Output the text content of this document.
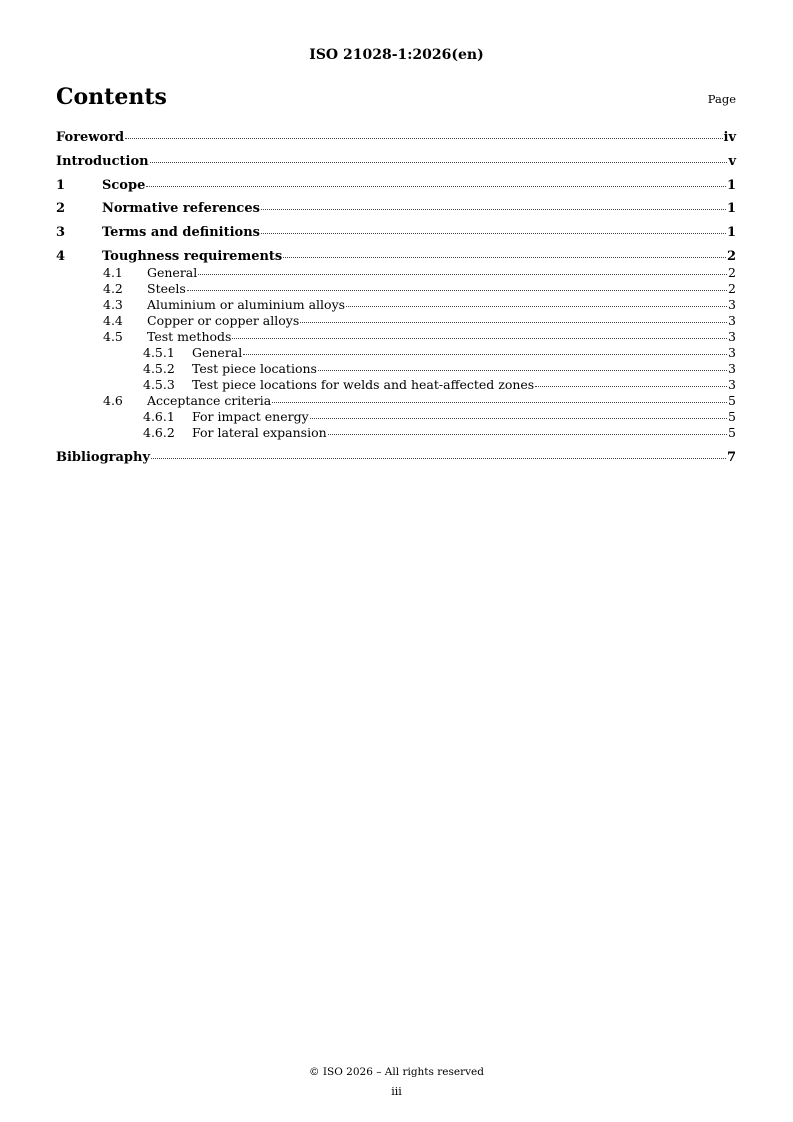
ISO 21028-1:2026(en)
Contents	Page
Foreword	iv
Introduction	v
1	Scope	1
2	Normative references	1
3	Terms and definitions	1
4	Toughness requirements	2
4.1	General	2
4.2	Steels	2
4.3	Aluminium or aluminium alloys	3
4.4	Copper or copper alloys	3
4.5	Test methods	3
4.5.1	General	3
4.5.2	Test piece locations	3
4.5.3	Test piece locations for welds and heat-affected zones	3
4.6	Acceptance criteria	5
4.6.1	For impact energy	5
4.6.2	For lateral expansion	5
Bibliography	7
© ISO 2026 – All rights reserved
iii
